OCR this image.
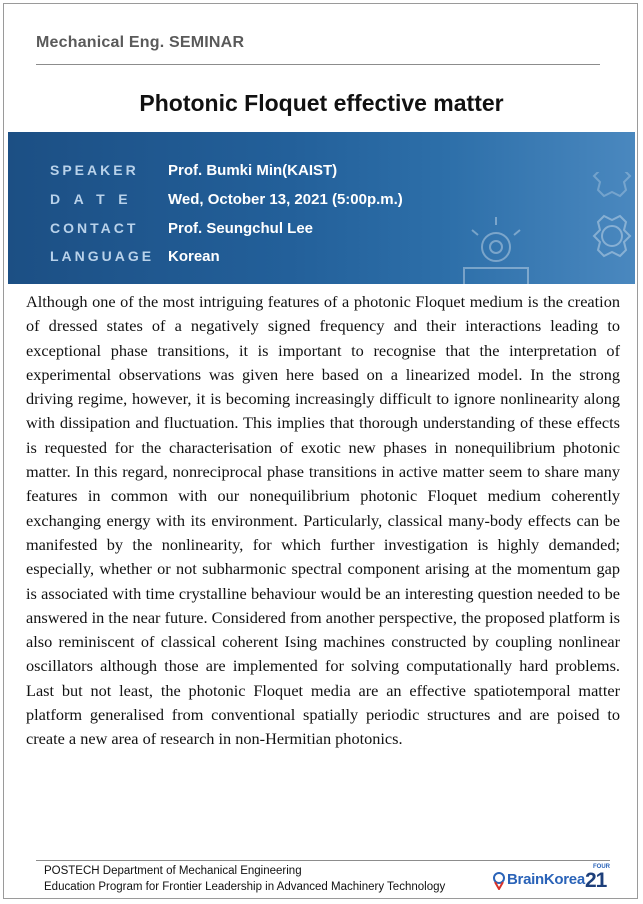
Mechanical Eng. SEMINAR
Photonic Floquet effective matter
SPEAKER	Prof. Bumki Min(KAIST)
DATE	Wed, October 13, 2021 (5:00p.m.)
CONTACT	Prof. Seungchul Lee
LANGUAGE Korean
Although one of the most intriguing features of a photonic Floquet medium is the creation of dressed states of a negatively signed frequency and their interactions leading to exceptional phase transitions, it is important to recognise that the interpretation of experimental observations was given here based on a linearized model. In the strong driving regime, however, it is becoming increasingly difficult to ignore nonlinearity along with dissipation and fluctuation. This implies that thorough understanding of these effects is requested for the characterisation of exotic new phases in nonequilibrium photonic matter. In this regard, nonreciprocal phase transitions in active matter seem to share many features in common with our nonequilibrium photonic Floquet medium coherently exchanging energy with its environment. Particularly, classical many-body effects can be manifested by the nonlinearity, for which further investigation is highly demanded; especially, whether or not subharmonic spectral component arising at the momentum gap is associated with time crystalline behaviour would be an interesting question needed to be answered in the near future. Considered from another perspective, the proposed platform is also reminiscent of classical coherent Ising machines constructed by coupling nonlinear oscillators although those are implemented for solving computationally hard problems. Last but not least, the photonic Floquet media are an effective spatiotemporal matter platform generalised from conventional spatially periodic structures and are poised to create a new area of research in non-Hermitian photonics.
POSTECH Department of Mechanical Engineering
Education Program for Frontier Leadership in Advanced Machinery Technology	BrainKorea
FOUR
21
